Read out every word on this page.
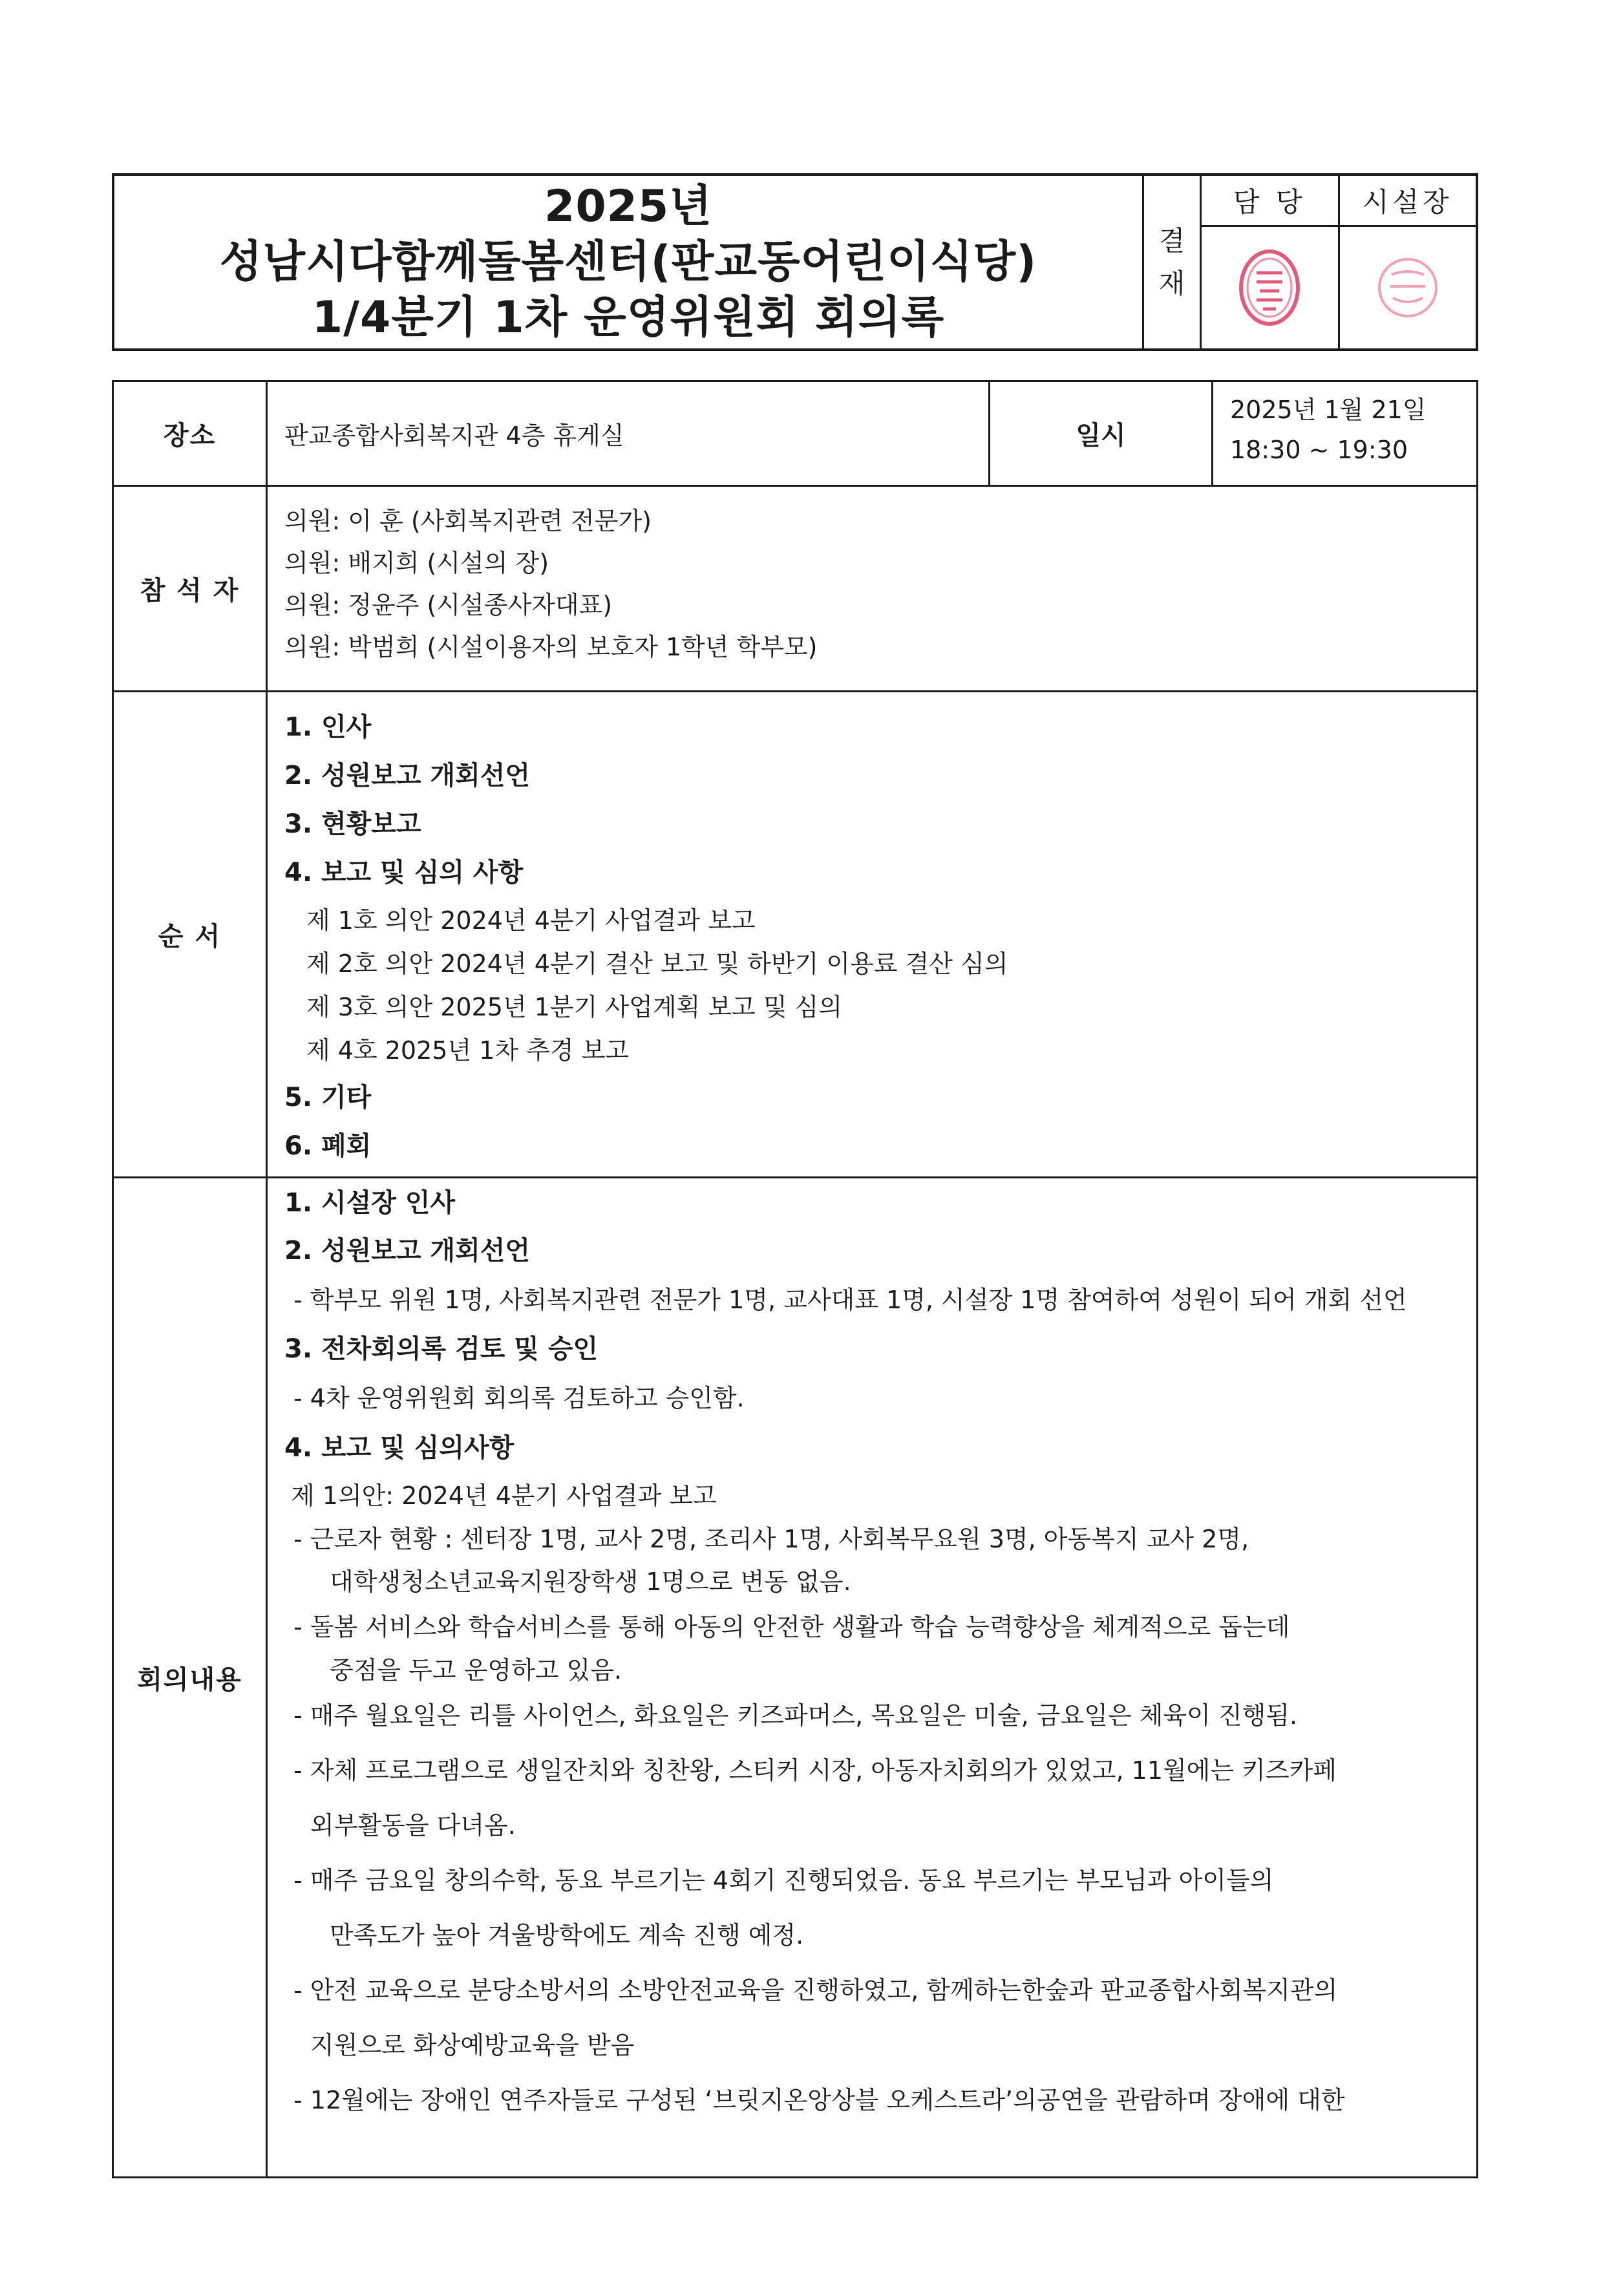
2025년
성남시다함께돌봄센터(판교동어린이식당)
1/4분기 1차 운영위원회 회의록
결
재
담 당	시설장
장소	판교종합사회복지관 4층 휴게실	일시
2025년 1월 21일
18:30 ~ 19:30
참 석 자
의원: 이 훈 (사회복지관련 전문가)
의원: 배지희 (시설의 장)
의원: 정윤주 (시설종사자대표)
의원: 박범희 (시설이용자의 보호자 1학년 학부모)
순 서
1. 인사
2. 성원보고 개회선언
3. 현황보고
4. 보고 및 심의 사항
제 1호 의안 2024년 4분기 사업결과 보고
제 2호 의안 2024년 4분기 결산 보고 및 하반기 이용료 결산 심의
제 3호 의안 2025년 1분기 사업계획 보고 및 심의
제 4호 2025년 1차 추경 보고
5. 기타
6. 폐회
회의내용
1. 시설장 인사
2. 성원보고 개회선언
- 학부모 위원 1명, 사회복지관련 전문가 1명, 교사대표 1명, 시설장 1명 참여하여 성원이 되어 개회 선언
3. 전차회의록 검토 및 승인
- 4차 운영위원회 회의록 검토하고 승인함.
4. 보고 및 심의사항
제 1의안: 2024년 4분기 사업결과 보고
- 근로자 현황 : 센터장 1명, 교사 2명, 조리사 1명, 사회복무요원 3명, 아동복지 교사 2명,
대학생청소년교육지원장학생 1명으로 변동 없음.
- 돌봄 서비스와 학습서비스를 통해 아동의 안전한 생활과 학습 능력향상을 체계적으로 돕는데
중점을 두고 운영하고 있음.
- 매주 월요일은 리틀 사이언스, 화요일은 키즈파머스, 목요일은 미술, 금요일은 체육이 진행됨.
- 자체 프로그램으로 생일잔치와 칭찬왕, 스티커 시장, 아동자치회의가 있었고, 11월에는 키즈카페
외부활동을 다녀옴.
- 매주 금요일 창의수학, 동요 부르기는 4회기 진행되었음. 동요 부르기는 부모님과 아이들의
만족도가 높아 겨울방학에도 계속 진행 예정.
- 안전 교육으로 분당소방서의 소방안전교육을 진행하였고, 함께하는한숲과 판교종합사회복지관의
지원으로 화상예방교육을 받음
- 12월에는 장애인 연주자들로 구성된 ‘브릿지온앙상블 오케스트라’의공연을 관람하며 장애에 대한
